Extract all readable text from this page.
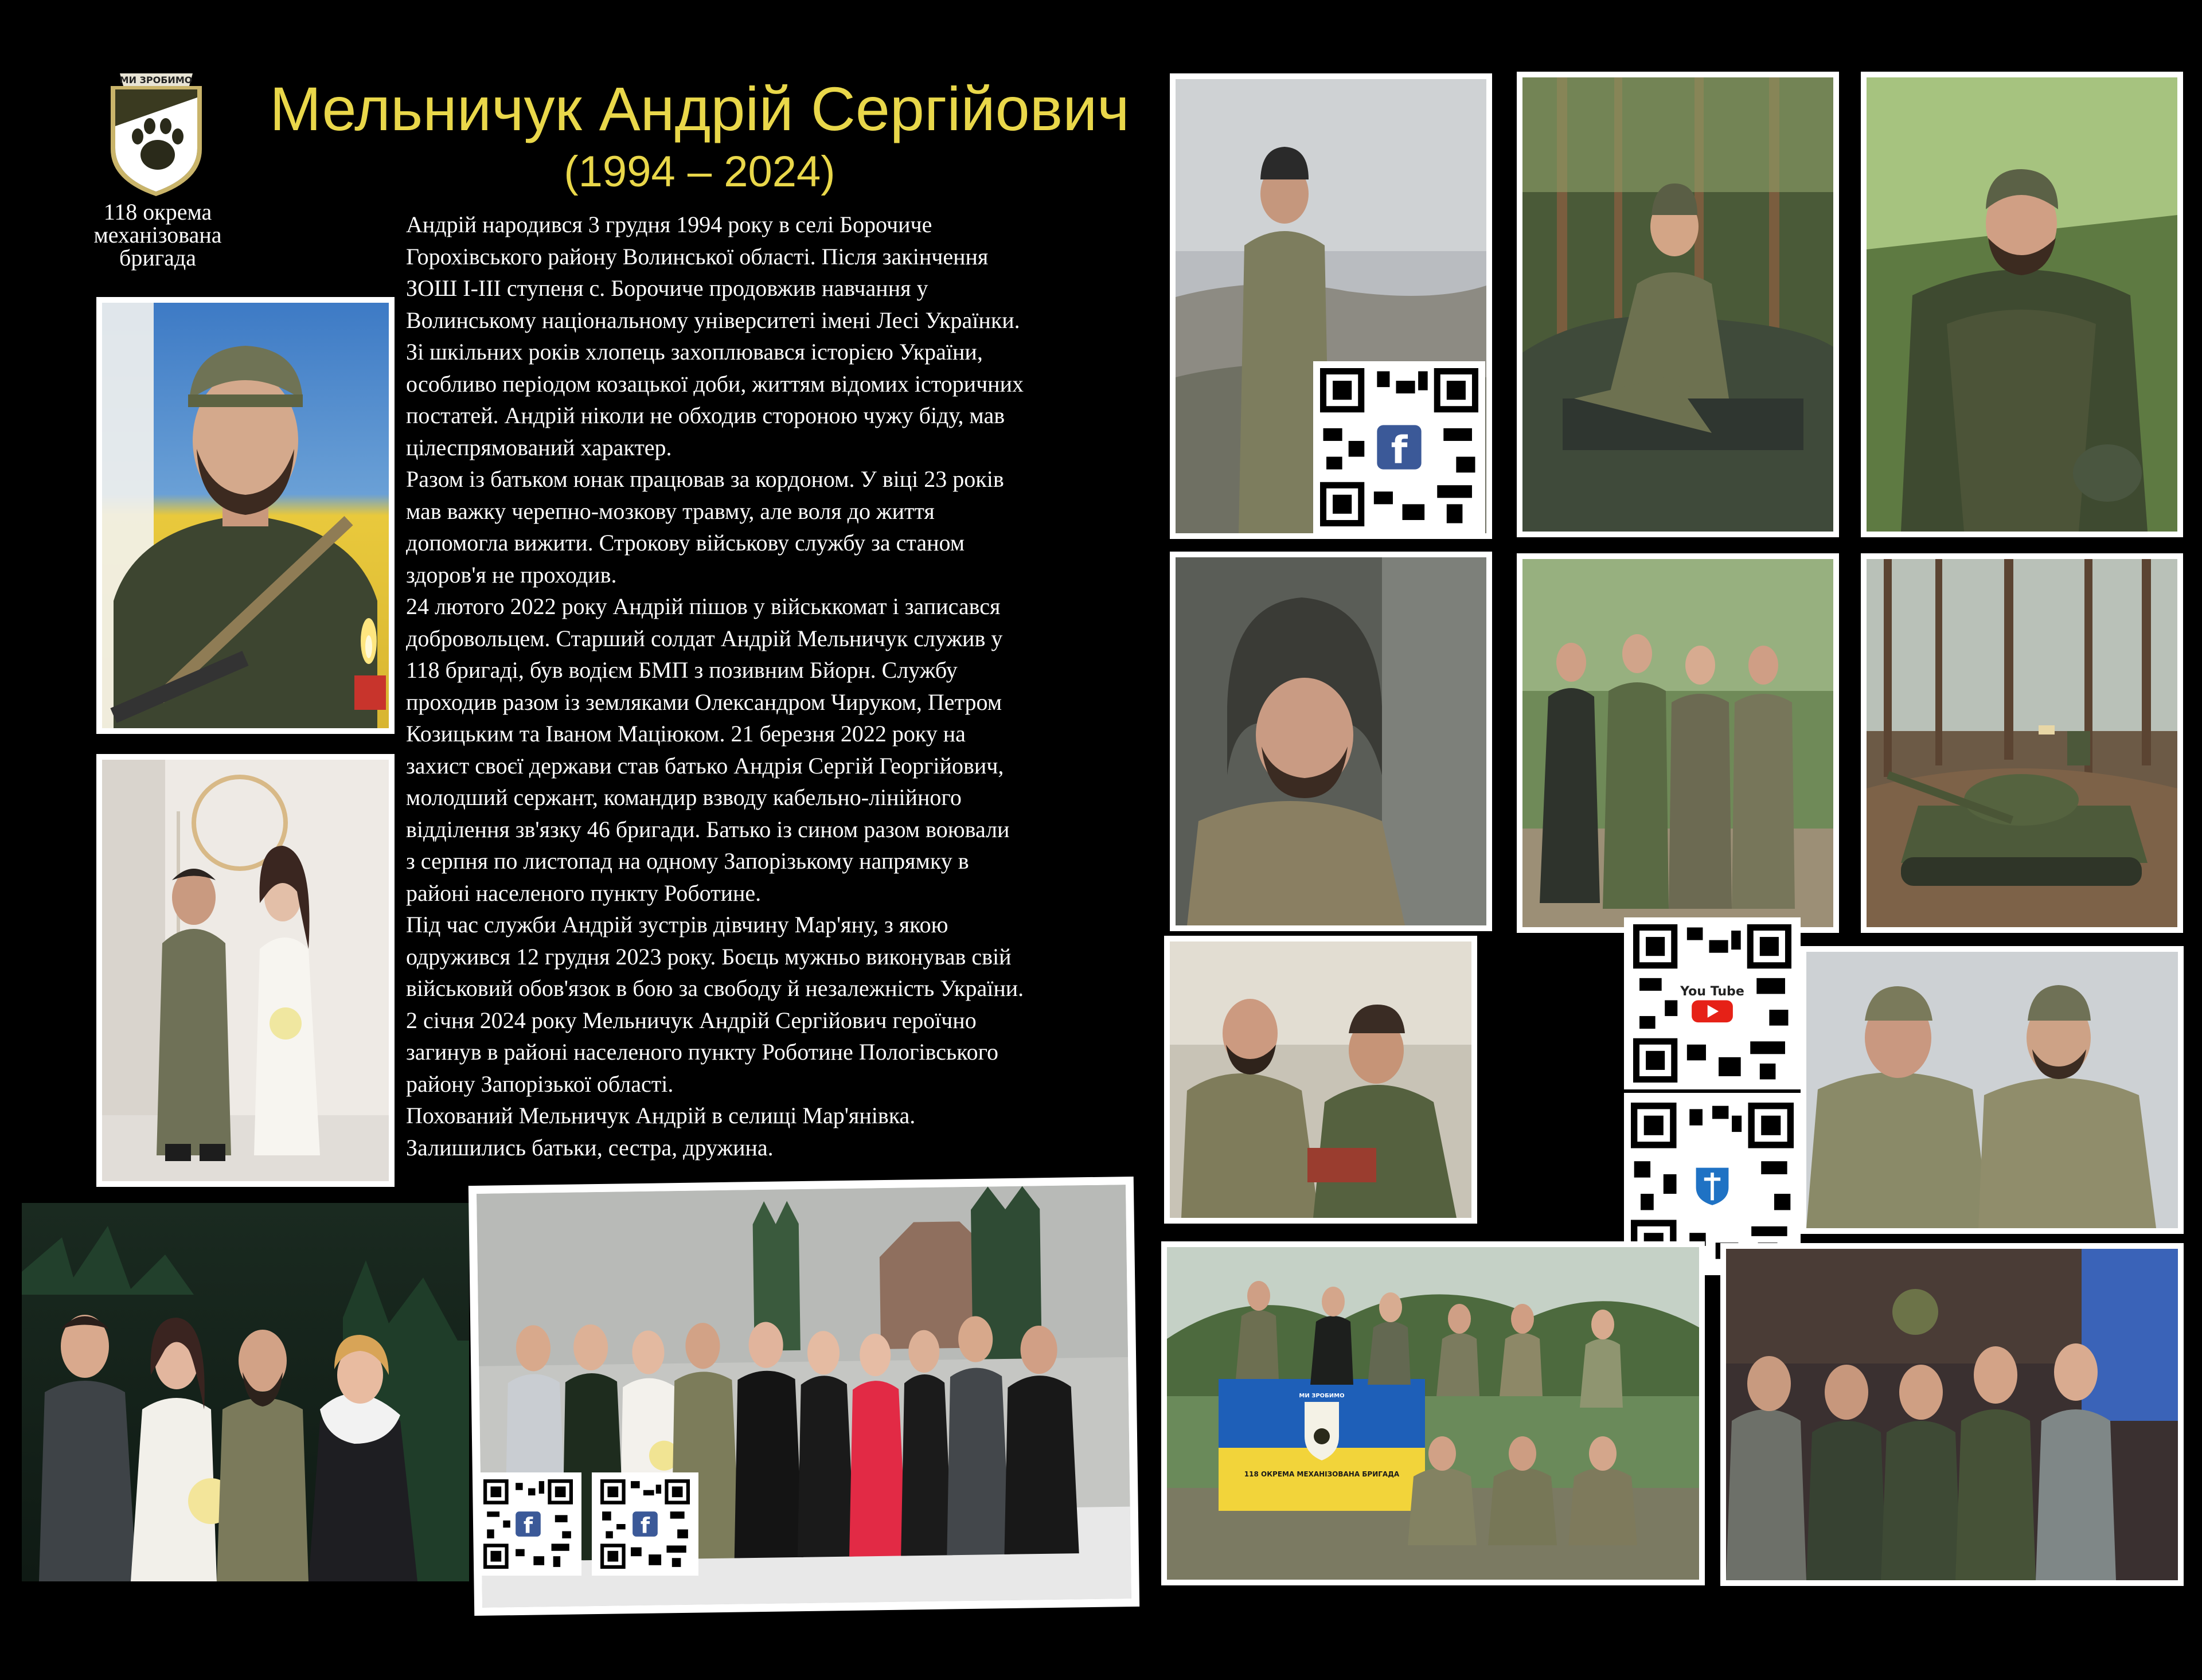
МИ ЗРОБИМО
118 окрема
механізована
бригада
Мельничук Андрій Сергійович
(1994 – 2024)
f	f
Андрій народився 3 грудня 1994 року в селі Борочиче
Горохівського району Волинської області. Після закінчення
ЗОШ І-ІІІ ступеня с. Борочиче продовжив навчання у
Волинському національному університеті імені Лесі Українки.
Зі шкільних років хлопець захоплювався історією України,
особливо періодом козацької доби, життям відомих історичних
постатей. Андрій ніколи не обходив стороною чужу біду, мав
цілеспрямований характер.
Разом із батьком юнак працював за кордоном. У віці 23 років
мав важку черепно-мозкову травму, але воля до життя
допомогла вижити. Строкову військову службу за станом
здоров'я не проходив.
24 лютого 2022 року Андрій пішов у військкомат і записався
добровольцем. Старший солдат Андрій Мельничук служив у
118 бригаді, був водієм БМП з позивним Бйорн. Службу
проходив разом із земляками Олександром Чируком, Петром
Козицьким та Іваном Маціюком. 21 березня 2022 року на
захист своєї держави став батько Андрія Сергій Георгійович,
молодший сержант, командир взводу кабельно-лінійного
відділення зв'язку 46 бригади. Батько із сином разом воювали
з серпня по листопад на одному Запорізькому напрямку в
районі населеного пункту Роботине.
Під час служби Андрій зустрів дівчину Мар'яну, з якою
одружився 12 грудня 2023 року. Боєць мужньо виконував свій
військовий обов'язок в бою за свободу й незалежність України.
2 січня 2024 року Мельничук Андрій Сергійович героїчно
загинув в районі населеного пункту Роботине Пологівського
району Запорізької області.
Похований Мельничук Андрій в селищі Мар'янівка.
Залишились батьки, сестра, дружина.
f
You Tube
МИ ЗРОБИМО
118 ОКРЕМА МЕХАНІЗОВАНА БРИГАДА
